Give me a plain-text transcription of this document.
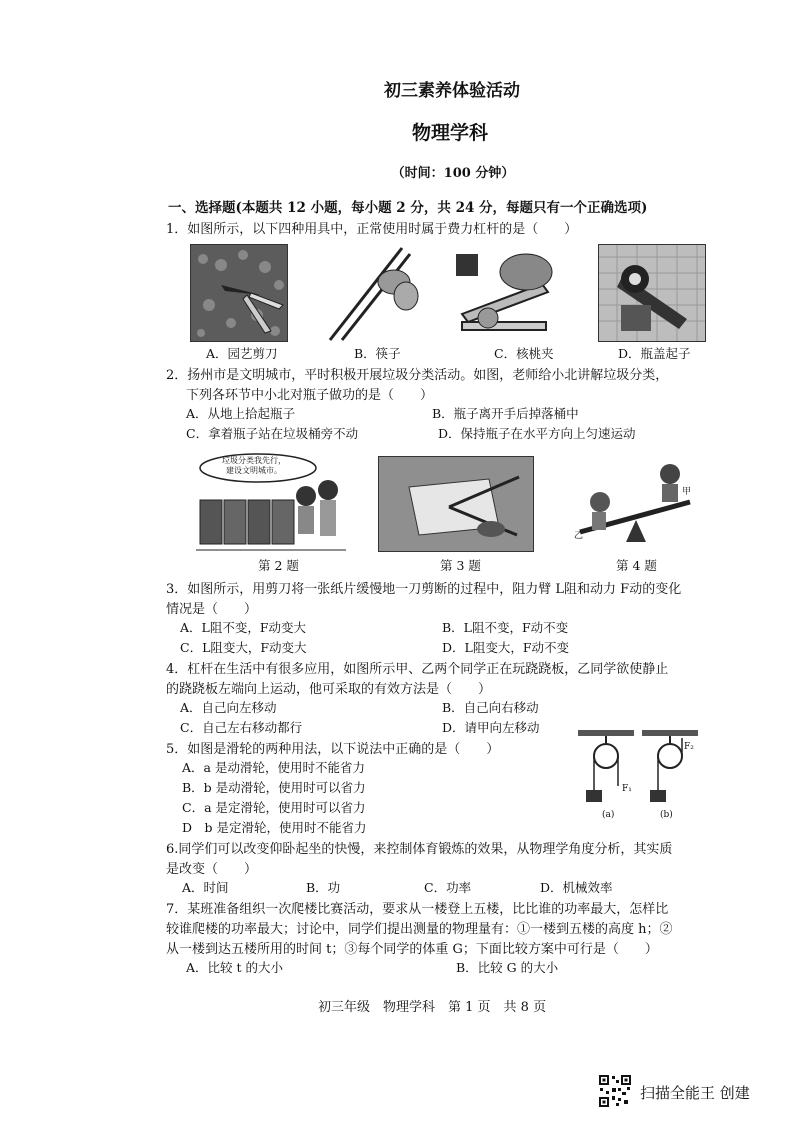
初三素养体验活动
物理学科
（时间：100 分钟）
一、选择题(本题共 12 小题，每小题 2 分，共 24 分，每题只有一个正确选项)
1．如图所示，以下四种用具中，正常使用时属于费力杠杆的是（　　）
A．园艺剪刀	B．筷子	C．核桃夹	D．瓶盖起子
2．扬州市是文明城市，平时积极开展垃圾分类活动。如图，老师给小北讲解垃圾分类，
下列各环节中小北对瓶子做功的是（　　）
A．从地上拾起瓶子	B．瓶子离开手后掉落桶中
C．拿着瓶子站在垃圾桶旁不动	D．保持瓶子在水平方向上匀速运动
垃圾分类我先行，
建设文明城市。
乙
甲
第 2 题	第 3 题	第 4 题
3．如图所示，用剪刀将一张纸片缓慢地一刀剪断的过程中，阻力臂 L阻和动力 F动的变化
情况是（　　）
A．L阻不变，F动变大	B．L阻不变，F动不变
C．L阻变大，F动变大	D．L阻变大，F动不变
4．杠杆在生活中有很多应用，如图所示甲、乙两个同学正在玩跷跷板，乙同学欲使静止
的跷跷板左端向上运动，他可采取的有效方法是（　　）
A．自己向左移动	B．自己向右移动
C．自己左右移动都行	D．请甲向左移动
5．如图是滑轮的两种用法，以下说法中正确的是（　　）
A．a 是动滑轮，使用时不能省力
B．b 是动滑轮，使用时可以省力
C．a 是定滑轮，使用时可以省力
D　b 是定滑轮，使用时不能省力
(a)	(b)
F₁
F₂
6.同学们可以改变仰卧起坐的快慢，来控制体育锻炼的效果，从物理学角度分析，其实质
是改变（　　）
A．时间	B．功	C．功率	D．机械效率
7．某班准备组织一次爬楼比赛活动，要求从一楼登上五楼，比比谁的功率最大，怎样比
较谁爬楼的功率最大；讨论中，同学们提出测量的物理量有：①一楼到五楼的高度 h；②
从一楼到达五楼所用的时间 t；③每个同学的体重 G；下面比较方案中可行是（　　）
A．比较 t 的大小	B．比较 G 的大小
初三年级　物理学科　第 1 页　共 8 页
扫描全能王 创建
